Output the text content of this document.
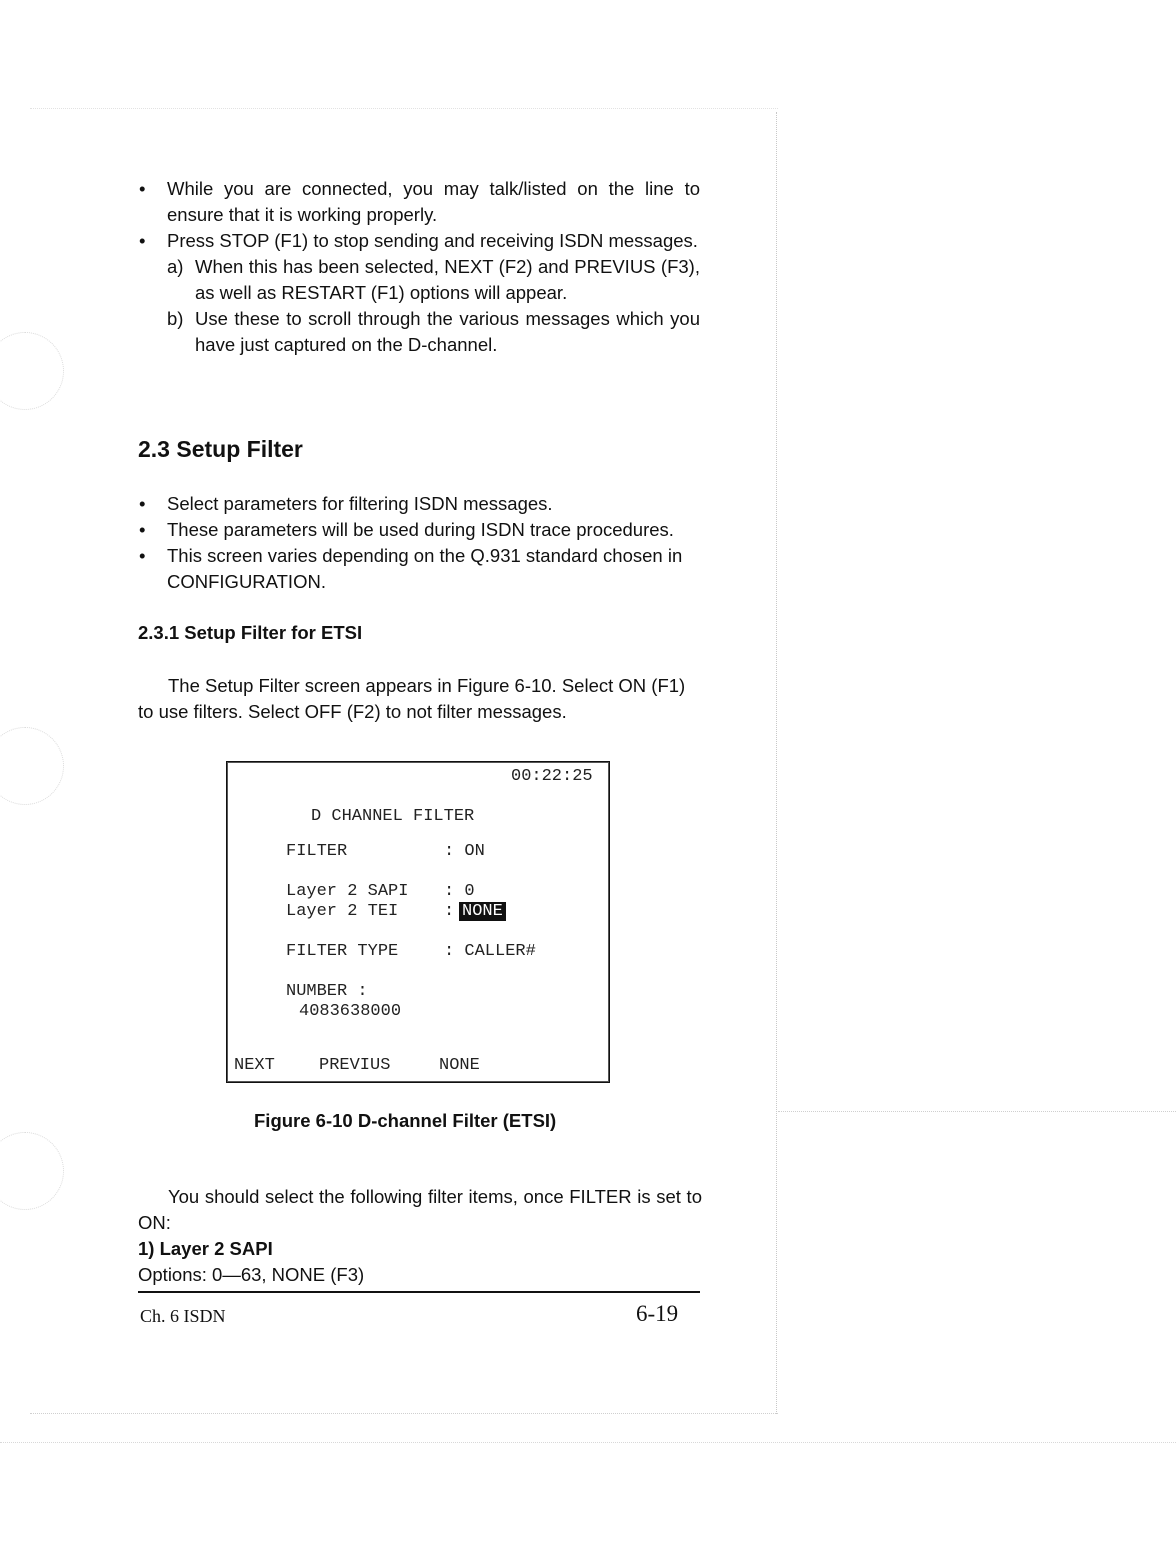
• While you are connected, you may talk/listed on the line to ensure that it is working properly.
• Press STOP (F1) to stop sending and receiving ISDN messages.
a) When this has been selected, NEXT (F2) and PREVIUS (F3), as well as RESTART (F1) options will appear.
b) Use these to scroll through the various messages which you have just captured on the D-channel.
2.3 Setup Filter
• Select parameters for filtering ISDN messages.
• These parameters will be used during ISDN trace procedures.
• This screen varies depending on the Q.931 standard chosen in CONFIGURATION.
2.3.1 Setup Filter for ETSI
The Setup Filter screen appears in Figure 6-10. Select ON (F1) to use filters. Select OFF (F2) to not filter messages.
00:22:25
D CHANNEL FILTER
FILTER	: ON
Layer 2 SAPI : 0
Layer 2 TEI	: NONE
FILTER TYPE	: CALLER#
NUMBER :
4083638000
NEXT	PREVIUS	NONE
Figure 6-10 D-channel Filter (ETSI)
You should select the following filter items, once FILTER is set to ON:
1) Layer 2 SAPI
Options: 0—63, NONE (F3)
Ch. 6 ISDN	6-19
